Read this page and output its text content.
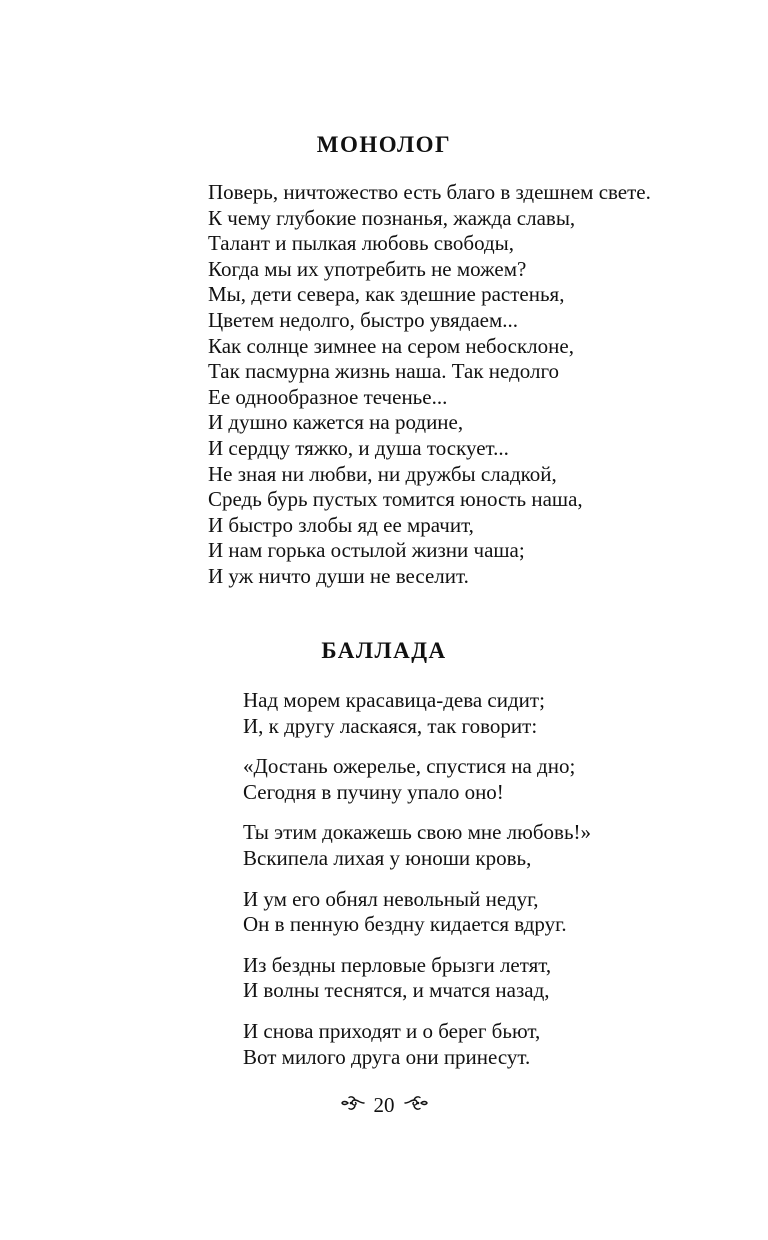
МОНОЛОГ
Поверь, ничтожество есть благо в здешнем свете.
К чему глубокие познанья, жажда славы,
Талант и пылкая любовь свободы,
Когда мы их употребить не можем?
Мы, дети севера, как здешние растенья,
Цветем недолго, быстро увядаем...
Как солнце зимнее на сером небосклоне,
Так пасмурна жизнь наша. Так недолго
Ее однообразное теченье...
И душно кажется на родине,
И сердцу тяжко, и душа тоскует...
Не зная ни любви, ни дружбы сладкой,
Средь бурь пустых томится юность наша,
И быстро злобы яд ее мрачит,
И нам горька остылой жизни чаша;
И уж ничто души не веселит.
БАЛЛАДА
Над морем красавица-дева сидит;
И, к другу ласкаяся, так говорит:
«Достань ожерелье, спустися на дно;
Сегодня в пучину упало оно!
Ты этим докажешь свою мне любовь!»
Вскипела лихая у юноши кровь,
И ум его обнял невольный недуг,
Он в пенную бездну кидается вдруг.
Из бездны перловые брызги летят,
И волны теснятся, и мчатся назад,
И снова приходят и о берег бьют,
Вот милого друга они принесут.
20
